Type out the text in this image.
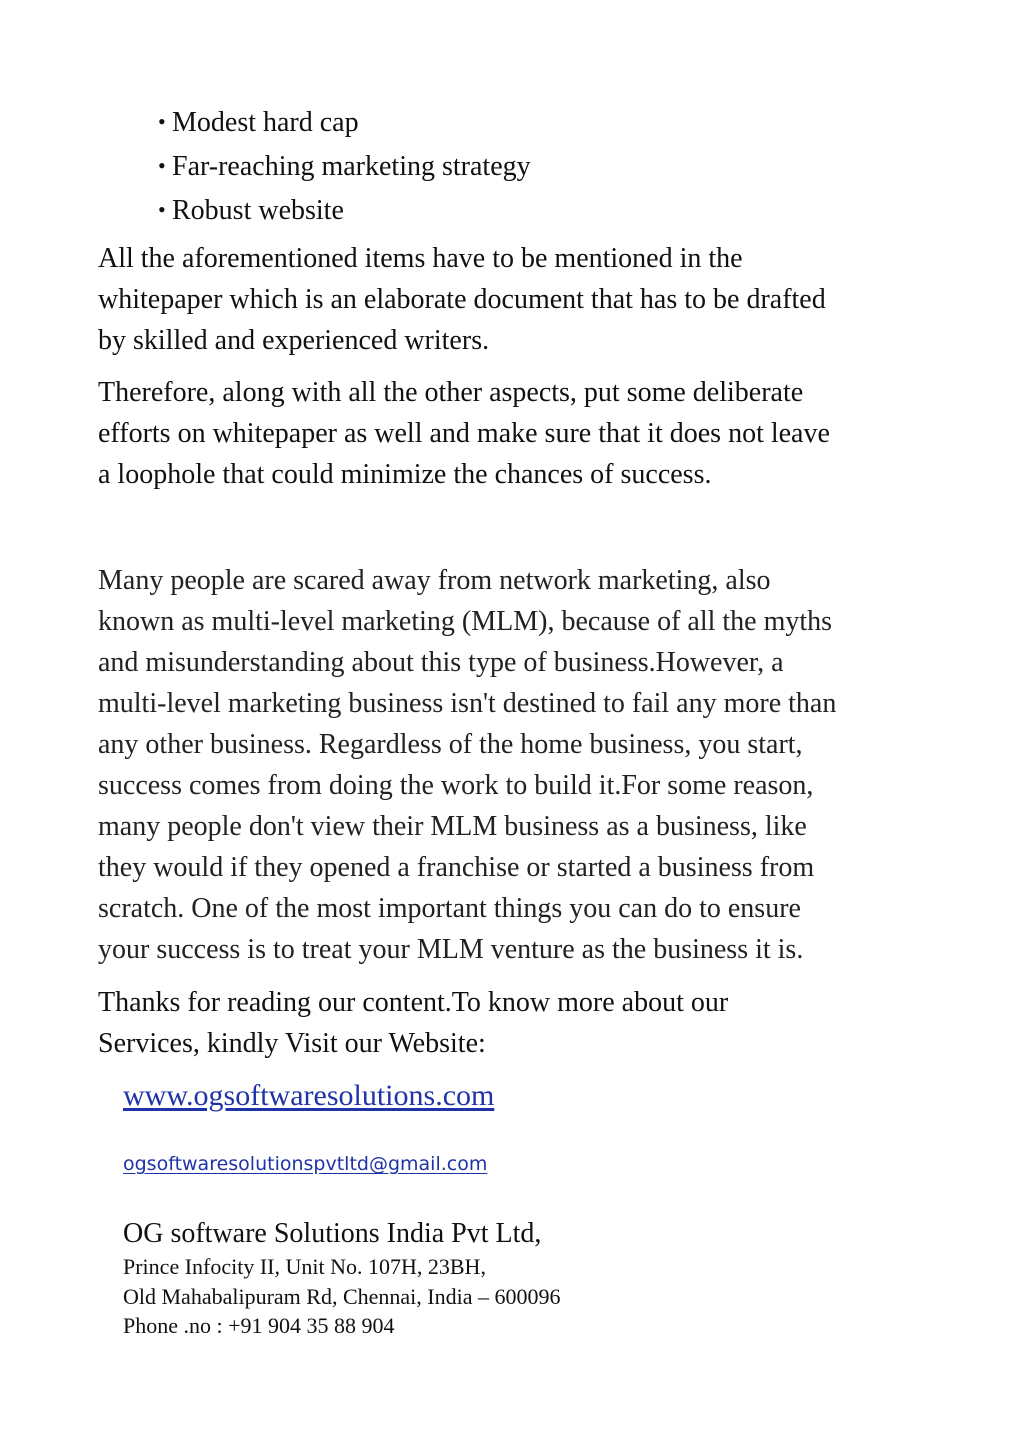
• Modest hard cap
• Far-reaching marketing strategy
• Robust website

All the aforementioned items have to be mentioned in the
whitepaper which is an elaborate document that has to be drafted
by skilled and experienced writers.

Therefore, along with all the other aspects, put some deliberate
efforts on whitepaper as well and make sure that it does not leave
a loophole that could minimize the chances of success.

Many people are scared away from network marketing, also
known as multi-level marketing (MLM), because of all the myths
and misunderstanding about this type of business.However, a
multi-level marketing business isn't destined to fail any more than
any other business. Regardless of the home business, you start,
success comes from doing the work to build it.For some reason,
many people don't view their MLM business as a business, like
they would if they opened a franchise or started a business from
scratch. One of the most important things you can do to ensure
your success is to treat your MLM venture as the business it is.

Thanks for reading our content.To know more about our
Services, kindly Visit our Website:

www.ogsoftwaresolutions.com
ogsoftwaresolutionspvtltd@gmail.com
OG software Solutions India Pvt Ltd,
Prince Infocity II, Unit No. 107H, 23BH,
Old Mahabalipuram Rd, Chennai, India – 600096
Phone .no : +91 904 35 88 904
